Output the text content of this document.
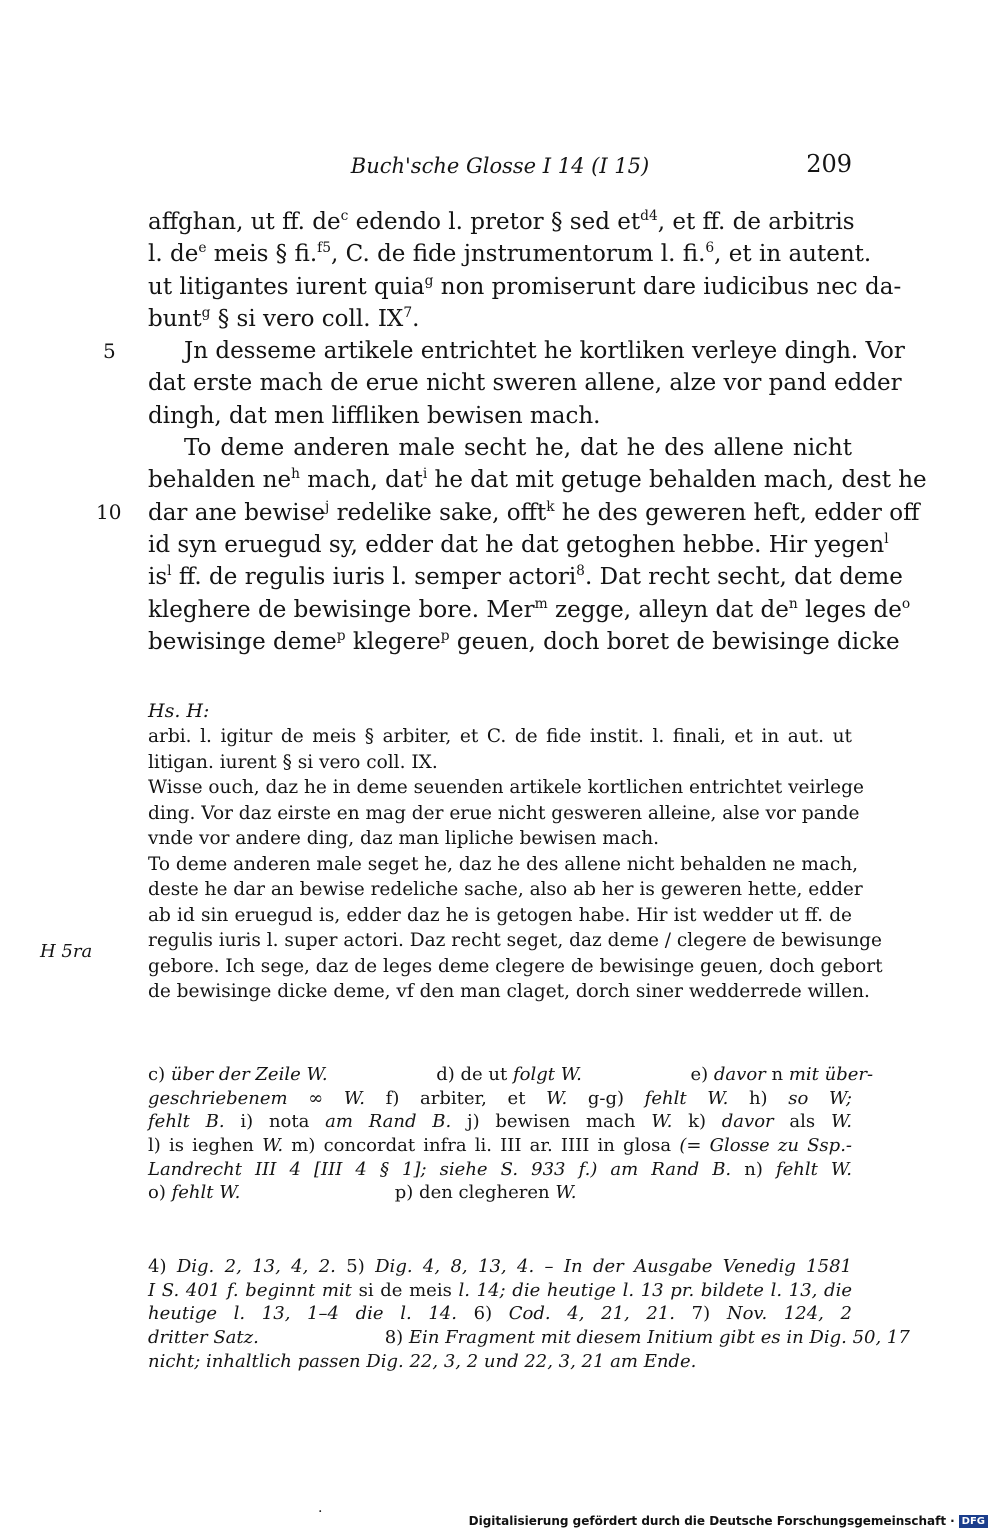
Buch'sche Glosse I 14 (I 15)	209
affghan, ut ff. $de^c$ edendo l. pretor § sed $et^{d4}$, et ff. de arbitris
l. $de^e$ meis § fi.$^{f5}$, C. de fide jnstrumentorum l. fi.$^6$, et in autent.
ut litigantes iurent quia$^g$ non promiserunt dare iudicibus nec da-
bunt$^g$ § si vero coll. $IX^7$.
Jn desseme artikele entrichtet he kortliken verleye dingh. Vor
dat erste mach de erue nicht sweren allene, alze vor pand edder
dingh, dat men liffliken bewisen mach.
To deme anderen male secht he, dat he des allene nicht
behalden $ne^h$ mach, dat$^i$ he dat mit getuge behalden mach, dest he
dar ane bewise$^j$ redelike sake, offt$^k$ he des geweren heft, edder off
id syn eruegud sy, edder dat he dat getoghen hebbe. Hir yegen$^l$
$is^l$ ff. de regulis iuris l. semper actori$^8$. Dat recht secht, dat deme
kleghere de bewisinge bore. Mer$^m$ zegge, alleyn dat $de^n$ leges $de^o$
bewisinge deme$^p$ klegere$^p$ geuen, doch boret de bewisinge dicke
5
10
Hs. H:
H 5ra
arbi. l. igitur de meis § arbiter, et C. de fide instit. l. finali, et in aut. ut
litigan. iurent § si vero coll. IX.
Wisse ouch, daz he in deme seuenden artikele kortlichen entrichtet veirlege
ding. Vor daz eirste en mag der erue nicht gesweren alleine, alse vor pande
vnde vor andere ding, daz man lipliche bewisen mach.
To deme anderen male seget he, daz he des allene nicht behalden ne mach,
deste he dar an bewise redeliche sache, also ab her is geweren hette, edder
ab id sin eruegud is, edder daz he is getogen habe. Hir ist wedder ut ff. de
regulis iuris l. super actori. Daz recht seget, daz deme / clegere de bewisunge
gebore. Ich sege, daz de leges deme clegere de bewisinge geuen, doch gebort
de bewisinge dicke deme, vf den man claget, dorch siner wedderrede willen.
c) über der Zeile W.                   d) de ut folgt W.                   e) davor n mit über-
geschriebenem ∞ W. f) arbiter, et W. g-g) fehlt W. h) so W;
fehlt B. i) nota am Rand B. j) bewisen mach W. k) davor als W.
l) is ieghen W. m) concordat infra li. III ar. IIII in glosa (= Glosse zu Ssp.-
Landrecht III 4 [III 4 § 1]; siehe S. 933 f.) am Rand B. n) fehlt W.
o) fehlt W.                           p) den clegheren W.
4) Dig. 2, 13, 4, 2. 5) Dig. 4, 8, 13, 4. – In der Ausgabe Venedig 1581
I S. 401 f. beginnt mit si de meis l. 14; die heutige l. 13 pr. bildete l. 13, die
heutige l. 13, 1–4 die l. 14. 6) Cod. 4, 21, 21. 7) Nov. 124, 2
dritter Satz.                      8) Ein Fragment mit diesem Initium gibt es in Dig. 50, 17
nicht; inhaltlich passen Dig. 22, 3, 2 und 22, 3, 21 am Ende.
.
Digitalisierung gefördert durch die Deutsche Forschungsgemeinschaft · DFG
